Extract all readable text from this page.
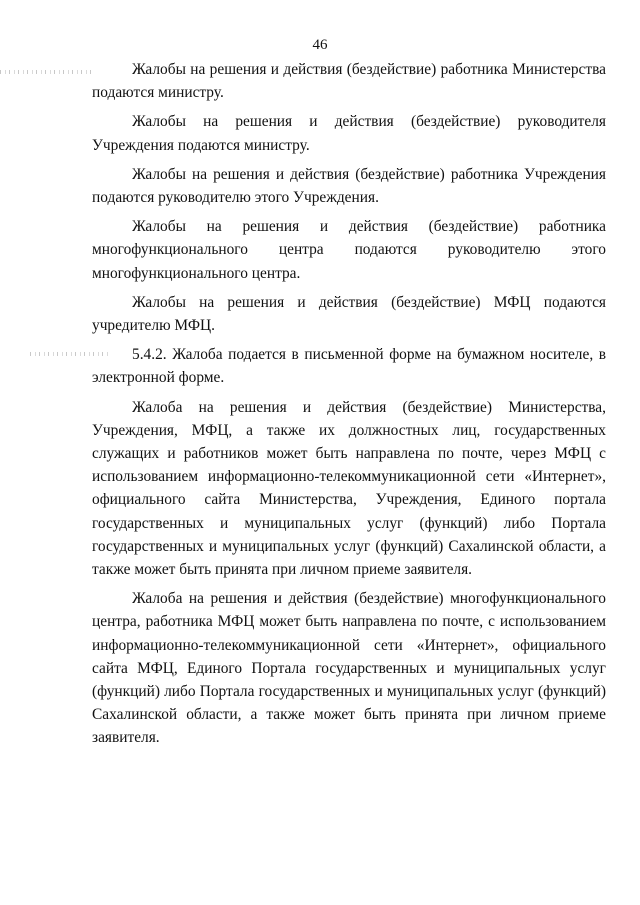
46

Жалобы на решения и действия (бездействие) работника Министерства подаются министру.

Жалобы на решения и действия (бездействие) руководителя Учреждения подаются министру.

Жалобы на решения и действия (бездействие) работника Учреждения подаются руководителю этого Учреждения.

Жалобы на решения и действия (бездействие) работника многофункционального центра подаются руководителю этого многофункционального центра.

Жалобы на решения и действия (бездействие) МФЦ подаются учредителю МФЦ.

5.4.2. Жалоба подается в письменной форме на бумажном носителе, в электронной форме.

Жалоба на решения и действия (бездействие) Министерства, Учреждения, МФЦ, а также их должностных лиц, государственных служащих и работников может быть направлена по почте, через МФЦ с использованием информационно-телекоммуникационной сети «Интернет», официального сайта Министерства, Учреждения, Единого портала государственных и муниципальных услуг (функций) либо Портала государственных и муниципальных услуг (функций) Сахалинской области, а также может быть принята при личном приеме заявителя.

Жалоба на решения и действия (бездействие) многофункционального центра, работника МФЦ может быть направлена по почте, с использованием информационно-телекоммуникационной сети «Интернет», официального сайта МФЦ, Единого Портала государственных и муниципальных услуг (функций) либо Портала государственных и муниципальных услуг (функций) Сахалинской области, а также может быть принята при личном приеме заявителя.
